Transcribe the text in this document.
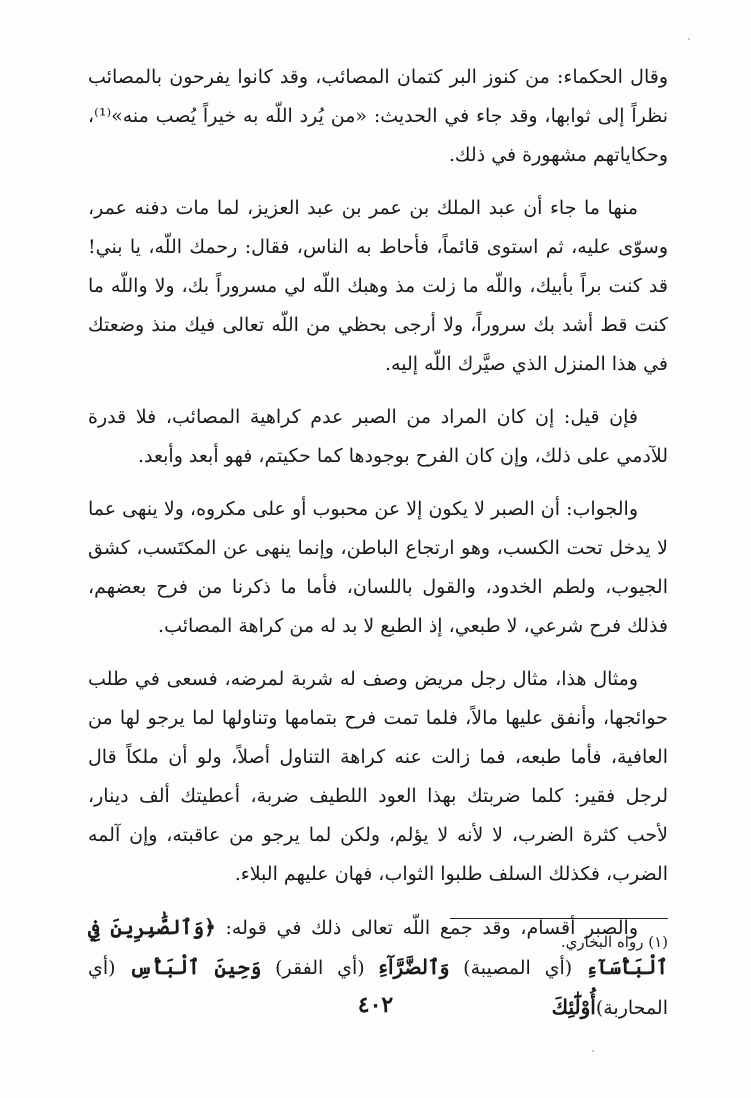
وقال الحكماء: من كنوز البر كتمان المصائب، وقد كانوا يفرحون بالمصائب نظراً إلى ثوابها، وقد جاء في الحديث: «من يُرد اللّه به خيراً يُصب منه»⁽¹⁾، وحكاياتهم مشهورة في ذلك.

منها ما جاء أن عبد الملك بن عمر بن عبد العزيز، لما مات دفنه عمر، وسوّى عليه، ثم استوى قائماً، فأحاط به الناس، فقال: رحمك اللّه، يا بني! قد كنت براً بأبيك، واللّه ما زلت مذ وهبك اللّه لي مسروراً بك، ولا واللّه ما كنت قط أشد بك سروراً، ولا أرجى بحظي من اللّه تعالى فيك منذ وضعتك في هذا المنزل الذي صيَّرك اللّه إليه.

فإن قيل: إن كان المراد من الصبر عدم كراهية المصائب، فلا قدرة للآدمي على ذلك، وإن كان الفرح بوجودها كما حكيتم، فهو أبعد وأبعد.

والجواب: أن الصبر لا يكون إلا عن محبوب أو على مكروه، ولا ينهى عما لا يدخل تحت الكسب، وهو ارتجاع الباطن، وإنما ينهى عن المكتَسب، كشق الجيوب، ولطم الخدود، والقول باللسان، فأما ما ذكرنا من فرح بعضهم، فذلك فرح شرعي، لا طبعي، إذ الطبع لا بد له من كراهة المصائب.

ومثال هذا، مثال رجل مريض وصف له شربة لمرضه، فسعى في طلب حوائجها، وأنفق عليها مالاً، فلما تمت فرح بتمامها وتناولها لما يرجو لها من العافية، فأما طبعه، فما زالت عنه كراهة التناول أصلاً، ولو أن ملكاً قال لرجل فقير: كلما ضربتك بهذا العود اللطيف ضربة، أعطيتك ألف دينار، لأحب كثرة الضرب، لا لأنه لا يؤلم، ولكن لما يرجو من عاقبته، وإن آلمه الضرب، فكذلك السلف طلبوا الثواب، فهان عليهم البلاء.

والصبر أقسام، وقد جمع اللّه تعالى ذلك في قوله: ﴿وَٱلصَّٰبِرِينَ فِي ٱلْبَأْسَآءِ (أي المصيبة) وَٱلضَّرَّآءِ (أي الفقر) وَحِينَ ٱلْبَأْسِ (أي المحاربة)أُوْلَٰٓئِكَ

(١) رواه البخاري.
٤٠٢
